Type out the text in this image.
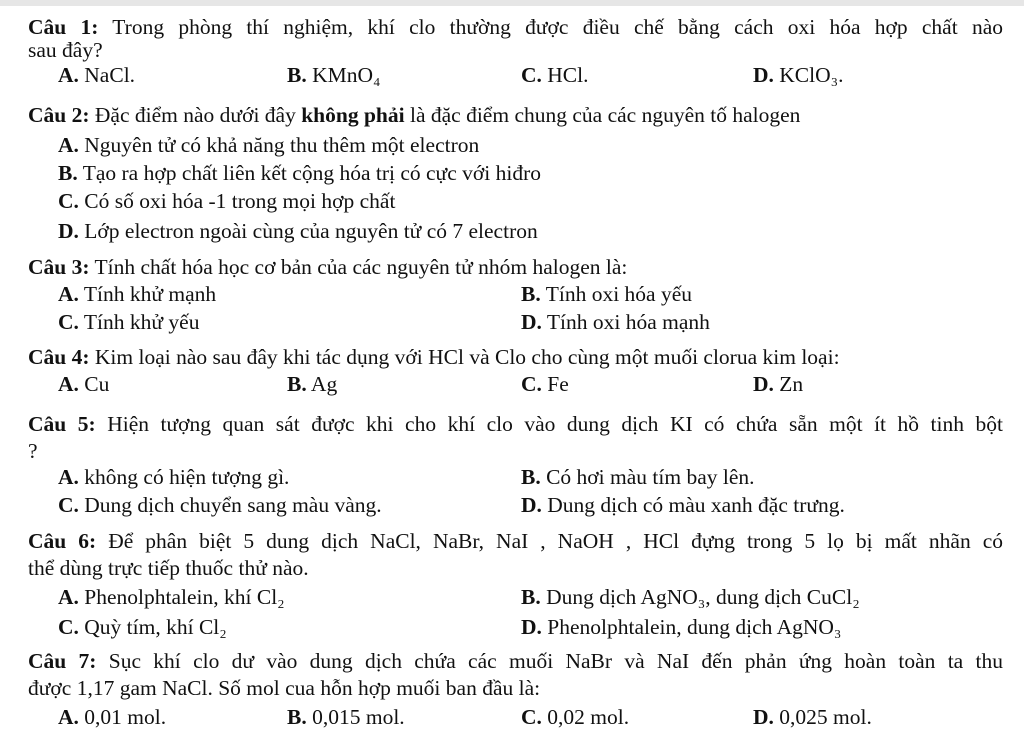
Câu 1: Trong phòng thí nghiệm, khí clo thường được điều chế bằng cách oxi hóa hợp chất nào
sau đây?
A. NaCl.	B. KMnO₄	C. HCl.	D. KClO₃.
Câu 2: Đặc điểm nào dưới đây không phải là đặc điểm chung của các nguyên tố halogen
A. Nguyên tử có khả năng thu thêm một electron
B. Tạo ra hợp chất liên kết cộng hóa trị có cực với hiđro
C. Có số oxi hóa -1 trong mọi hợp chất
D. Lớp electron ngoài cùng của nguyên tử có 7 electron
Câu 3: Tính chất hóa học cơ bản của các nguyên tử nhóm halogen là:
A. Tính khử mạnh	B. Tính oxi hóa yếu
C. Tính khử yếu	D. Tính oxi hóa mạnh
Câu 4: Kim loại nào sau đây khi tác dụng với HCl và Clo cho cùng một muối clorua kim loại:
A. Cu	B. Ag	C. Fe	D. Zn
Câu 5: Hiện tượng quan sát được khi cho khí clo vào dung dịch KI có chứa sẵn một ít hồ tinh bột
?
A. không có hiện tượng gì.	B. Có hơi màu tím bay lên.
C. Dung dịch chuyển sang màu vàng.	D. Dung dịch có màu xanh đặc trưng.
Câu 6: Để phân biệt 5 dung dịch NaCl, NaBr, NaI , NaOH , HCl đựng trong 5 lọ bị mất nhãn có
thể dùng trực tiếp thuốc thử nào.
A. Phenolphtalein, khí Cl₂	B. Dung dịch AgNO₃, dung dịch CuCl₂
C. Quỳ tím, khí Cl₂	D. Phenolphtalein, dung dịch AgNO₃
Câu 7: Sục khí clo dư vào dung dịch chứa các muối NaBr và NaI đến phản ứng hoàn toàn ta thu
được 1,17 gam NaCl. Số mol cua hỗn hợp muối ban đầu là:
A. 0,01 mol.	B. 0,015 mol.	C. 0,02 mol.	D. 0,025 mol.
